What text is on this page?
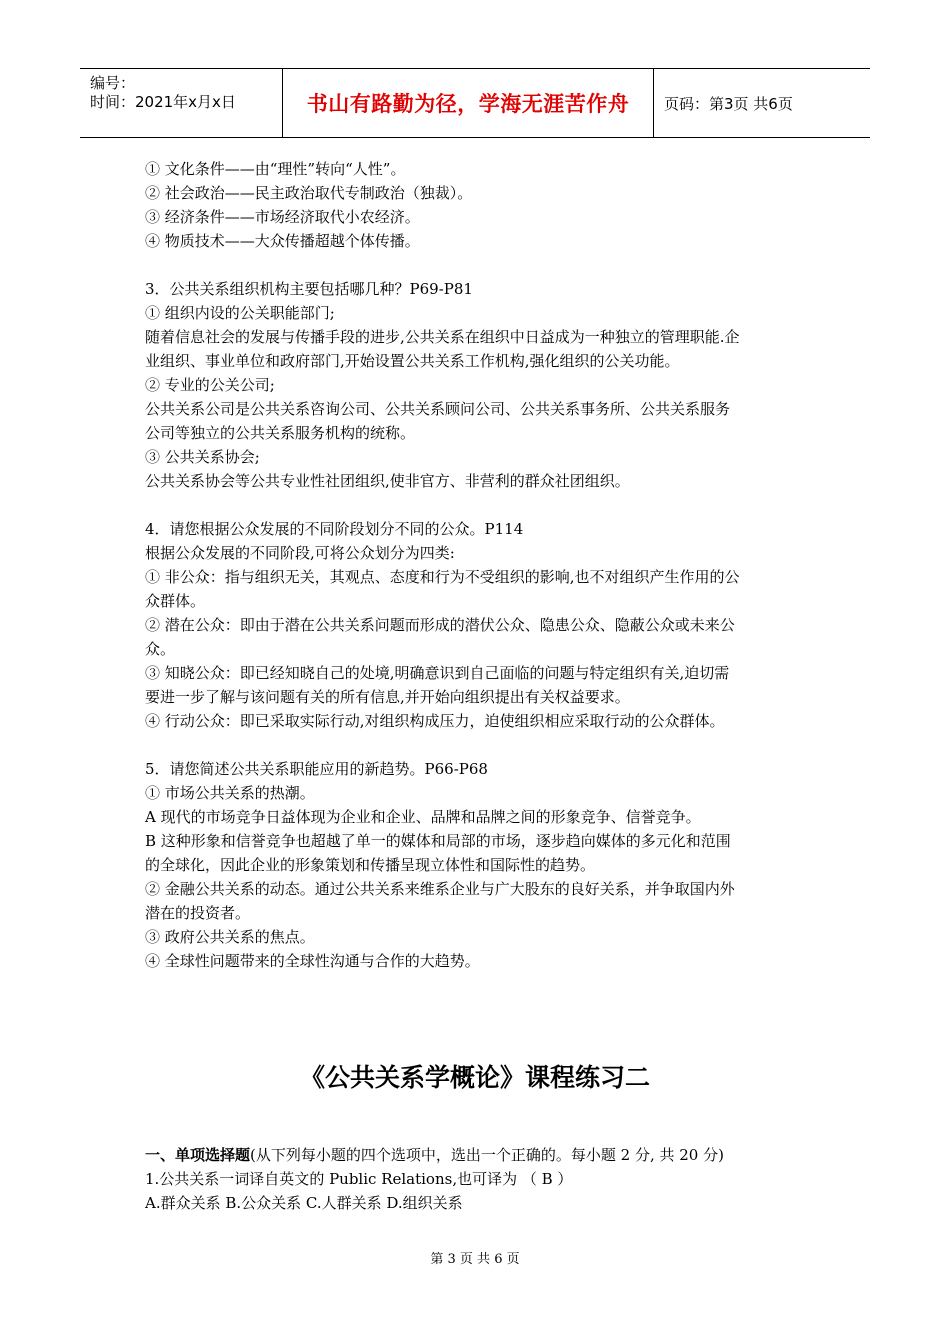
编号：
时间：2021年x月x日	书山有路勤为径，学海无涯苦作舟 页码：第3页 共6页

① 文化条件——由“理性”转向“人性”。

② 社会政治——民主政治取代专制政治（独裁）。

③ 经济条件——市场经济取代小农经济。

④ 物质技术——大众传播超越个体传播。

3．公共关系组织机构主要包括哪几种？P69-P81

① 组织内设的公关职能部门;

随着信息社会的发展与传播手段的进步,公共关系在组织中日益成为一种独立的管理职能.企

业组织、事业单位和政府部门,开始设置公共关系工作机构,强化组织的公关功能。

② 专业的公关公司;

公共关系公司是公共关系咨询公司、公共关系顾问公司、公共关系事务所、公共关系服务

公司等独立的公共关系服务机构的统称。

③ 公共关系协会;

公共关系协会等公共专业性社团组织,使非官方、非营利的群众社团组织。

4．请您根据公众发展的不同阶段划分不同的公众。P114

根据公众发展的不同阶段,可将公众划分为四类:

① 非公众：指与组织无关，其观点、态度和行为不受组织的影响,也不对组织产生作用的公

众群体。

② 潜在公众：即由于潜在公共关系问题而形成的潜伏公众、隐患公众、隐蔽公众或未来公

众。

③ 知晓公众：即已经知晓自己的处境,明确意识到自己面临的问题与特定组织有关,迫切需

要进一步了解与该问题有关的所有信息,并开始向组织提出有关权益要求。

④ 行动公众：即已采取实际行动,对组织构成压力，迫使组织相应采取行动的公众群体。

5．请您简述公共关系职能应用的新趋势。P66-P68

① 市场公共关系的热潮。

A 现代的市场竞争日益体现为企业和企业、品牌和品牌之间的形象竞争、信誉竞争。

B 这种形象和信誉竞争也超越了单一的媒体和局部的市场，逐步趋向媒体的多元化和范围

的全球化，因此企业的形象策划和传播呈现立体性和国际性的趋势。

② 金融公共关系的动态。通过公共关系来维系企业与广大股东的良好关系，并争取国内外

潜在的投资者。

③ 政府公共关系的焦点。

④ 全球性问题带来的全球性沟通与合作的大趋势。

《公共关系学概论》课程练习二

一、单项选择题(从下列每小题的四个选项中，选出一个正确的。每小题 2 分, 共 20 分)

1.公共关系一词译自英文的 Public Relations,也可译为 （ B ）

A.群众关系 B.公众关系 C.人群关系 D.组织关系

第 3 页 共 6 页
